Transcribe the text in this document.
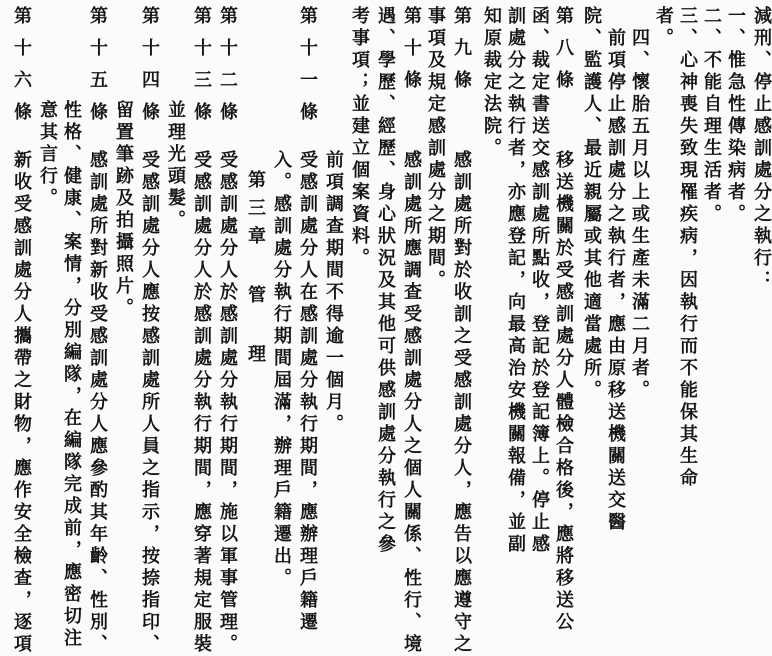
減刑、停止感訓處分之執行：
一、惟急性傳染病者。
二、不能自理生活者。
三、心神喪失致現罹疾病，因執行而不能保其生命
者。
四、懷胎五月以上或生產未滿二月者。
前項停止感訓處分之執行者，應由原移送機關送交醫
院、監護人、最近親屬或其他適當處所。
第八條
移送機關於受感訓處分人體檢合格後，應將移送公
函、裁定書送交感訓處所點收，登記於登記簿上。停止感
訓處分之執行者，亦應登記，向最高治安機關報備，並副
知原裁定法院。
第九條
感訓處所對於收訓之受感訓處分人，應告以應遵守之
事項及規定感訓處分之期間。
第十條
感訓處所應調查受感訓處分人之個人關係、性行、境
遇、學歷、經歷、身心狀況及其他可供感訓處分執行之參
考事項；並建立個案資料。
前項調查期間不得逾一個月。
第十一條
受感訓處分人在感訓處分執行期間，應辦理戶籍遷
入。感訓處分執行期間屆滿，辦理戶籍遷出。
第三章 管 理
第十二條
受感訓處分人於感訓處分執行期間，施以軍事管理。
第十三條
受感訓處分人於感訓處分執行期間，應穿著規定服裝
並理光頭髮。
第十四條
受感訓處分人應按感訓處所人員之指示，按捺指印、
留置筆跡及拍攝照片。
第十五條
感訓處所對新收受感訓處分人應參酌其年齡、性別、
性格、健康、案情，分別編隊，在編隊完成前，應密切注
意其言行。
第十六條
新收受感訓處分人攜帶之財物，應作安全檢查，逐項
